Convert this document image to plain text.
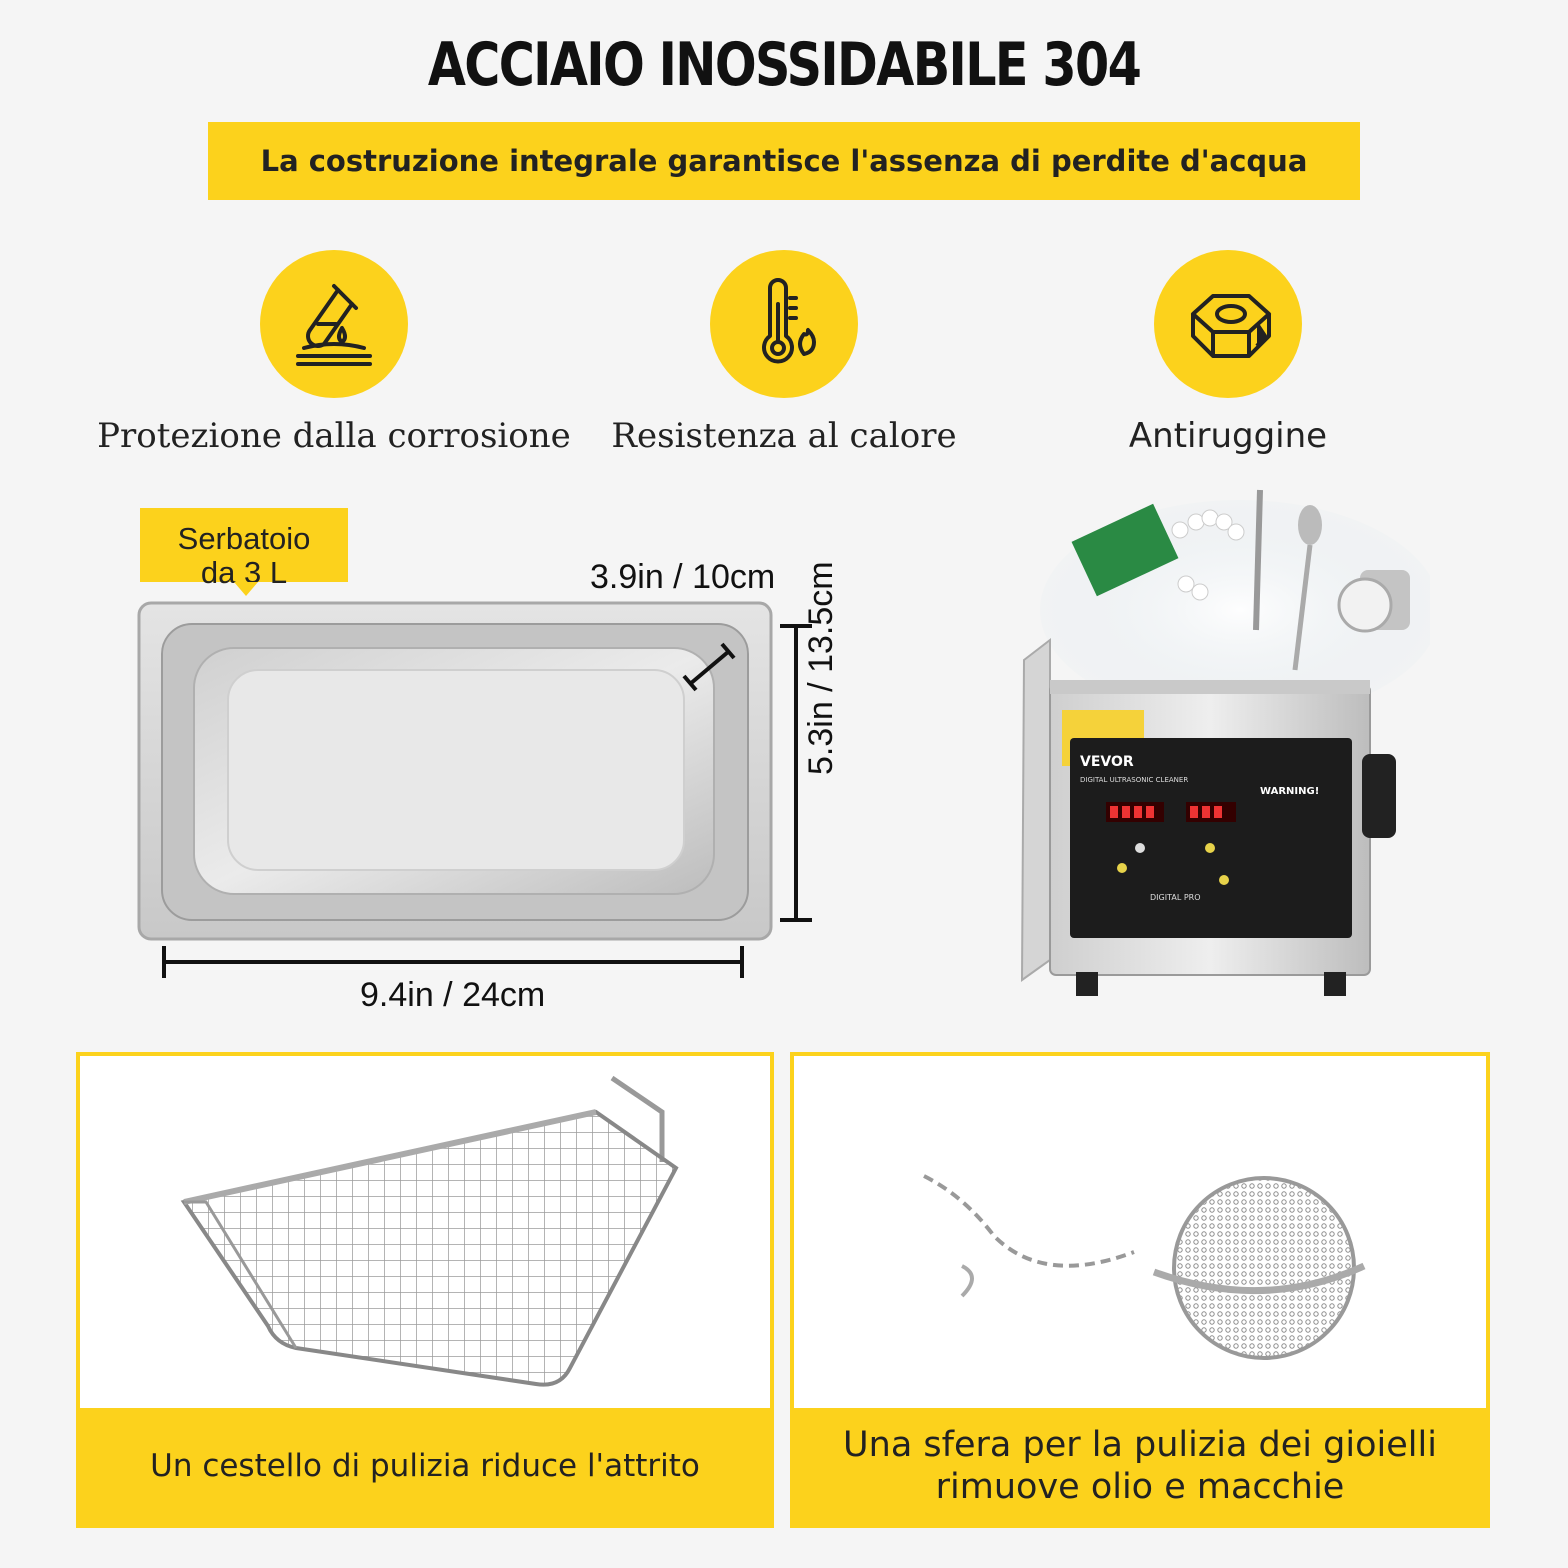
ACCIAIO INOSSIDABILE 304
La costruzione integrale garantisce l'assenza di perdite d'acqua
Protezione dalla corrosione	Resistenza al calore	Antiruggine
Serbatoio
da 3 L	3.9in / 10cm 5.3in / 13.5cm
9.4in / 24cm
VEVOR
DIGITAL ULTRASONIC CLEANER
WARNING!
DIGITAL PRO
Un cestello di pulizia riduce l'attrito
Una sfera per la pulizia dei gioielli
rimuove olio e macchie
